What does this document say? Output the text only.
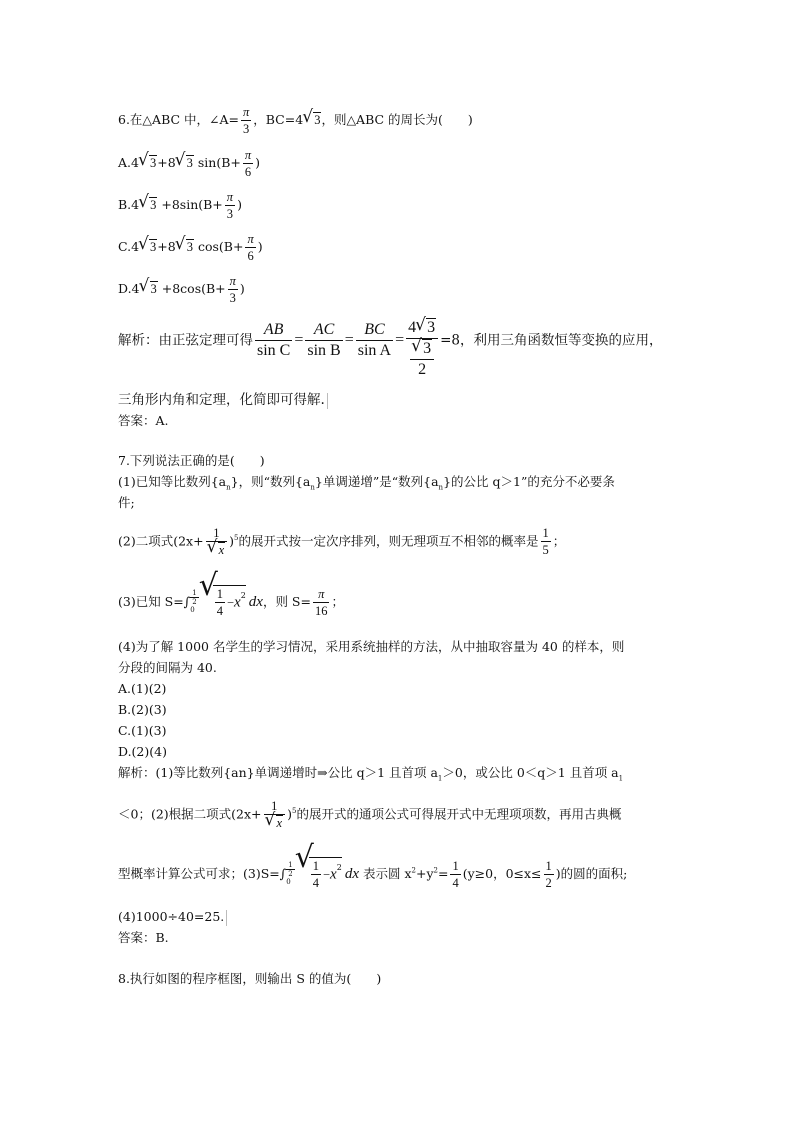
6.在△ABC 中，∠A= $\frac{\pi}{3}$ ，BC=4√ 3，则△ABC 的周长为(　　)
A.4√ 3+8√ 3 $\sin(B+ \frac{\pi}{6}$ )
B.4√ $3 +8\sin(B+ \frac{\pi}{3}$ )
C.4√ 3+8√ 3 $\cos(B+ \frac{\pi}{6}$ )
D.4√ $3 +8\cos(B+ \frac{\pi}{3}$ )
解析：由正弦定理可得 $\frac{AB}{\text{sin C}} = \frac{AC}{\text{sin B}} = \frac{BC}{\text{sin A}} = 4√$ 3
√ $\frac{3}{2} =8$，利用三角函数恒等变换的应用，
三角形内角和定理，化简即可得解.
答案：A.
7.下列说法正确的是(　　)
(1)已知等比数列$\{a_n\}$，则“数列$\{a_n\}$单调递增”是“数列$\{a_n\}$的公比 q＞1”的充分不必要条
件;
(2)二项式(2x+ 1
√ x )$^5$的展开式按一定次序排列，则无理项互不相邻的概率是 $\frac{1}{5}$ ；
(3)已知 $S=\int \frac{1}{2}$

0
√ $\frac{1}{4} -x^2$ dx，则 $S= \frac{\pi}{16}$ ；
(4)为了解 1000 名学生的学习情况，采用系统抽样的方法，从中抽取容量为 40 的样本，则
分段的间隔为 40.
A.(1)(2)
B.(2)(3)
C.(1)(3)
D.(2)(4)
解析：(1)等比数列{an}单调递增时⇒公比 q＞1 且首项 $a_1>0$，或公比 0＜q＞1 且首项 $a_1$
＜0；(2)根据二项式(2x+ 1
√ x )$^5$的展开式的通项公式可得展开式中无理项项数，再用古典概
型概率计算公式可求；$(3)S=\int \frac{1}{2}$

0
√ $\frac{1}{4} -x^2$ dx 表示圆 $x^2+y^2= \frac{1}{4} (y\ge 0$，$0\le x\le \frac{1}{2}$ )的圆的面积;
(4)1000÷40=25.
答案：B.
8.执行如图的程序框图，则输出 S 的值为(　　)
